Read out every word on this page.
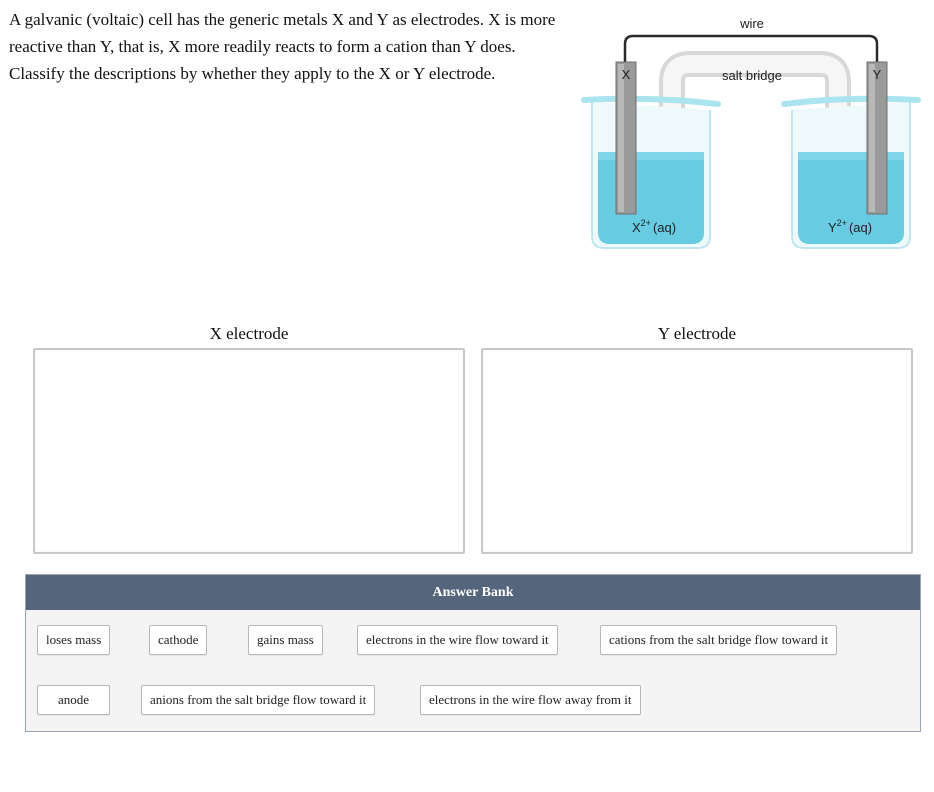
A galvanic (voltaic) cell has the generic metals X and Y as electrodes. X is more reactive than Y, that is, X more readily reacts to form a cation than Y does. Classify the descriptions by whether they apply to the X or Y electrode.
wire
salt bridge
X	Y
$X^{2+}$ (aq)	$Y^{2+}$ (aq)
X electrode	Y electrode
Answer Bank
loses mass	cathode	gains mass	electrons in the wire flow toward it	cations from the salt bridge flow toward it
anode	anions from the salt bridge flow toward it	electrons in the wire flow away from it
